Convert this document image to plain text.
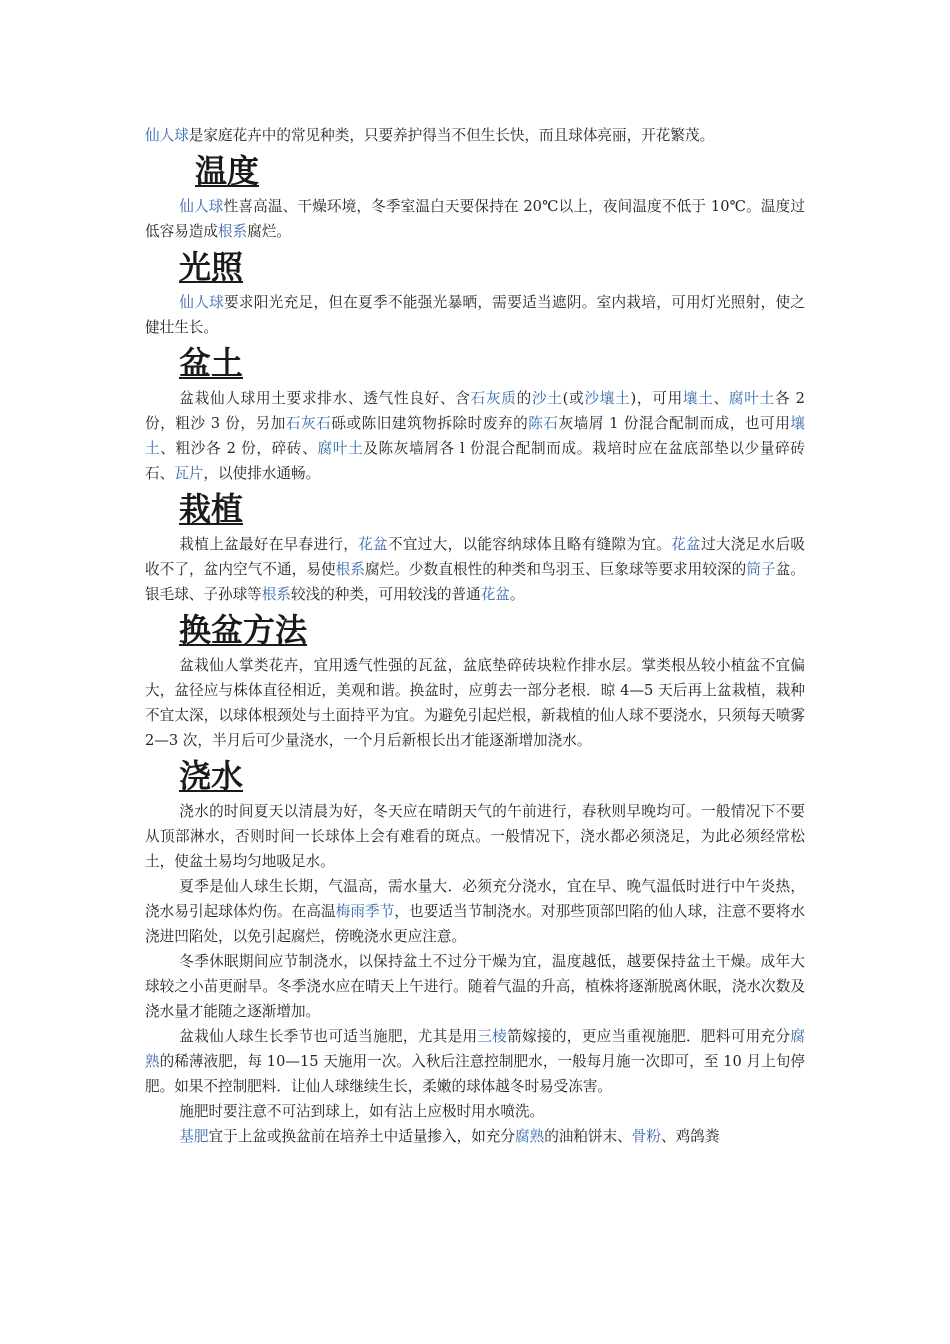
仙人球是家庭花卉中的常见种类，只要养护得当不但生长快，而且球体亮丽，开花繁茂。

温度

仙人球性喜高温、干燥环境，冬季室温白天要保持在 20℃以上，夜间温度不低于 10℃。温度过低容易造成根系腐烂。

光照

仙人球要求阳光充足，但在夏季不能强光暴晒，需要适当遮阴。室内栽培，可用灯光照射，使之健壮生长。

盆土

盆栽仙人球用土要求排水、透气性良好、含石灰质的沙土(或沙壤土)，可用壤土、腐叶土各 2 份，粗沙 3 份，另加石灰石砾或陈旧建筑物拆除时废弃的陈石灰墙屑 1 份混合配制而成，也可用壤土、粗沙各 2 份，碎砖、腐叶土及陈灰墙屑各 l 份混合配制而成。栽培时应在盆底部垫以少量碎砖石、瓦片，以使排水通畅。

栽植

栽植上盆最好在早春进行，花盆不宜过大，以能容纳球体且略有缝隙为宜。花盆过大浇足水后吸收不了，盆内空气不通，易使根系腐烂。少数直根性的种类和鸟羽玉、巨象球等要求用较深的筒子盆。银毛球、子孙球等根系较浅的种类，可用较浅的普通花盆。

换盆方法

盆栽仙人掌类花卉，宜用透气性强的瓦盆，盆底垫碎砖块粒作排水层。掌类根丛较小植盆不宜偏大，盆径应与株体直径相近，美观和谐。换盆时，应剪去一部分老根．晾 4—5 天后再上盆栽植，栽种不宜太深，以球体根颈处与土面持平为宜。为避免引起烂根，新栽植的仙人球不要浇水，只须每天喷雾 2—3 次，半月后可少量浇水，一个月后新根长出才能逐渐增加浇水。

浇水

浇水的时间夏天以清晨为好，冬天应在晴朗天气的午前进行，春秋则早晚均可。一般情况下不要从顶部淋水，否则时间一长球体上会有难看的斑点。一般情况下，浇水都必须浇足，为此必须经常松土，使盆土易均匀地吸足水。

夏季是仙人球生长期，气温高，需水量大．必须充分浇水，宜在早、晚气温低时进行中午炎热，浇水易引起球体灼伤。在高温梅雨季节，也要适当节制浇水。对那些顶部凹陷的仙人球，注意不要将水浇进凹陷处，以免引起腐烂，傍晚浇水更应注意。

冬季休眠期间应节制浇水，以保持盆土不过分干燥为宜，温度越低，越要保持盆土干燥。成年大球较之小苗更耐旱。冬季浇水应在晴天上午进行。随着气温的升高，植株将逐渐脱离休眠，浇水次数及浇水量才能随之逐渐增加。

盆栽仙人球生长季节也可适当施肥，尤其是用三棱箭嫁接的，更应当重视施肥．肥料可用充分腐熟的稀薄液肥，每 10—15 天施用一次。入秋后注意控制肥水，一般每月施一次即可，至 10 月上旬停肥。如果不控制肥料．让仙人球继续生长，柔嫩的球体越冬时易受冻害。

施肥时要注意不可沾到球上，如有沾上应极时用水喷洗。

基肥宜于上盆或换盆前在培养土中适量掺入，如充分腐熟的油粕饼末、骨粉、鸡鸽粪
